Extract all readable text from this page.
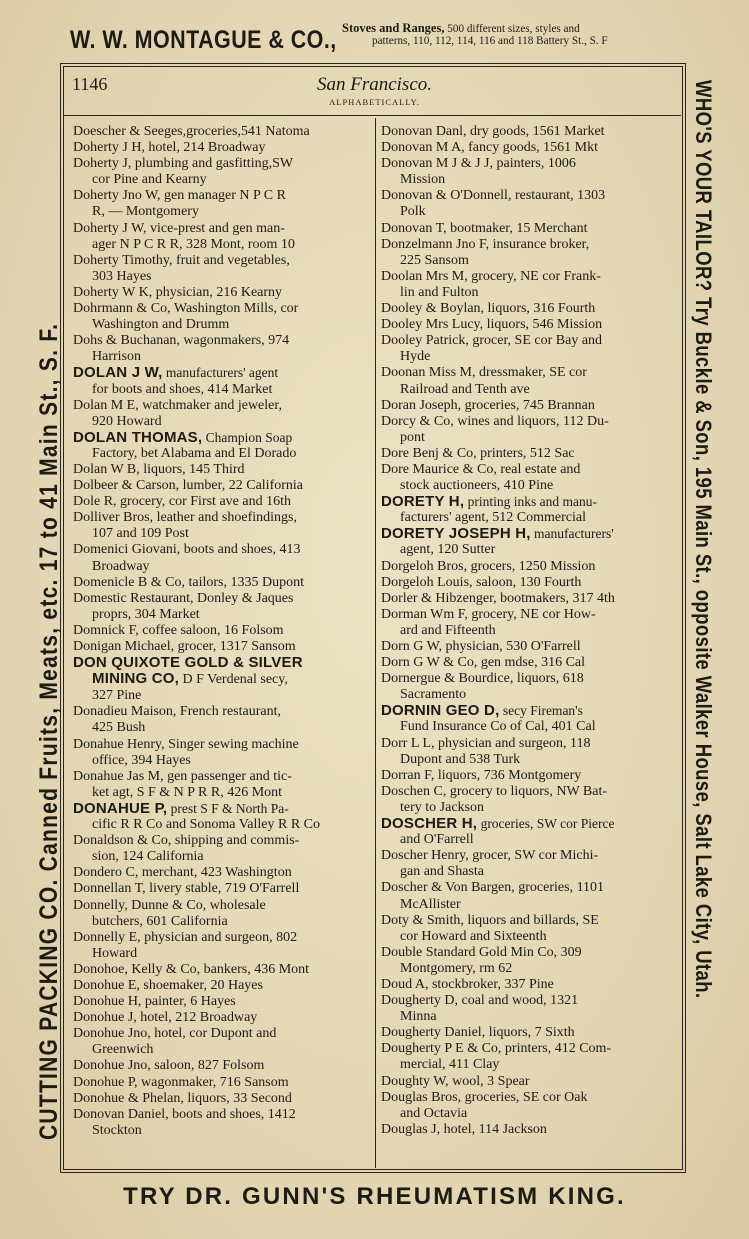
W. W. MONTAGUE & CO., Stoves and Ranges, 500 different sizes, styles and
patterns, 110, 112, 114, 116 and 118 Battery St., S. F
1146	San Francisco.
ALPHABETICALLY.
Doescher & Seeges,groceries,541 Natoma
Doherty J H, hotel, 214 Broadway
Doherty J, plumbing and gasfitting,SW
cor Pine and Kearny
Doherty Jno W, gen manager N P C R
R, — Montgomery
Doherty J W, vice-prest and gen man-
ager N P C R R, 328 Mont, room 10
Doherty Timothy, fruit and vegetables,
303 Hayes
Doherty W K, physician, 216 Kearny
Dohrmann & Co, Washington Mills, cor
Washington and Drumm
Dohs & Buchanan, wagonmakers, 974
Harrison
DOLAN J W, manufacturers' agent
for boots and shoes, 414 Market
Dolan M E, watchmaker and jeweler,
920 Howard
DOLAN THOMAS, Champion Soap
Factory, bet Alabama and El Dorado
Dolan W B, liquors, 145 Third
Dolbeer & Carson, lumber, 22 California
Dole R, grocery, cor First ave and 16th
Dolliver Bros, leather and shoefindings,
107 and 109 Post
Domenici Giovani, boots and shoes, 413
Broadway
Domenicle B & Co, tailors, 1335 Dupont
Domestic Restaurant, Donley & Jaques
proprs, 304 Market
Domnick F, coffee saloon, 16 Folsom
Donigan Michael, grocer, 1317 Sansom
DON QUIXOTE GOLD & SILVER
MINING CO, D F Verdenal secy,
327 Pine
Donadieu Maison, French restaurant,
425 Bush
Donahue Henry, Singer sewing machine
office, 394 Hayes
Donahue Jas M, gen passenger and tic-
ket agt, S F & N P R R, 426 Mont
DONAHUE P, prest S F & North Pa-
cific R R Co and Sonoma Valley R R Co
Donaldson & Co, shipping and commis-
sion, 124 California
Dondero C, merchant, 423 Washington
Donnellan T, livery stable, 719 O'Farrell
Donnelly, Dunne & Co, wholesale
butchers, 601 California
Donnelly E, physician and surgeon, 802
Howard
Donohoe, Kelly & Co, bankers, 436 Mont
Donohue E, shoemaker, 20 Hayes
Donohue H, painter, 6 Hayes
Donohue J, hotel, 212 Broadway
Donohue Jno, hotel, cor Dupont and
Greenwich
Donohue Jno, saloon, 827 Folsom
Donohue P, wagonmaker, 716 Sansom
Donohue & Phelan, liquors, 33 Second
Donovan Daniel, boots and shoes, 1412
Stockton
Donovan Danl, dry goods, 1561 Market
Donovan M A, fancy goods, 1561 Mkt
Donovan M J & J J, painters, 1006
Mission
Donovan & O'Donnell, restaurant, 1303
Polk
Donovan T, bootmaker, 15 Merchant
Donzelmann Jno F, insurance broker,
225 Sansom
Doolan Mrs M, grocery, NE cor Frank-
lin and Fulton
Dooley & Boylan, liquors, 316 Fourth
Dooley Mrs Lucy, liquors, 546 Mission
Dooley Patrick, grocer, SE cor Bay and
Hyde
Doonan Miss M, dressmaker, SE cor
Railroad and Tenth ave
Doran Joseph, groceries, 745 Brannan
Dorcy & Co, wines and liquors, 112 Du-
pont
Dore Benj & Co, printers, 512 Sac
Dore Maurice & Co, real estate and
stock auctioneers, 410 Pine
DORETY H, printing inks and manu-
facturers' agent, 512 Commercial
DORETY JOSEPH H, manufacturers'
agent, 120 Sutter
Dorgeloh Bros, grocers, 1250 Mission
Dorgeloh Louis, saloon, 130 Fourth
Dorler & Hibzenger, bootmakers, 317 4th
Dorman Wm F, grocery, NE cor How-
ard and Fifteenth
Dorn G W, physician, 530 O'Farrell
Dorn G W & Co, gen mdse, 316 Cal
Dornergue & Bourdice, liquors, 618
Sacramento
DORNIN GEO D, secy Fireman's
Fund Insurance Co of Cal, 401 Cal
Dorr L L, physician and surgeon, 118
Dupont and 538 Turk
Dorran F, liquors, 736 Montgomery
Doschen C, grocery to liquors, NW Bat-
tery to Jackson
DOSCHER H, groceries, SW cor Pierce
and O'Farrell
Doscher Henry, grocer, SW cor Michi-
gan and Shasta
Doscher & Von Bargen, groceries, 1101
McAllister
Doty & Smith, liquors and billards, SE
cor Howard and Sixteenth
Double Standard Gold Min Co, 309
Montgomery, rm 62
Doud A, stockbroker, 337 Pine
Dougherty D, coal and wood, 1321
Minna
Dougherty Daniel, liquors, 7 Sixth
Dougherty P E & Co, printers, 412 Com-
mercial, 411 Clay
Doughty W, wool, 3 Spear
Douglas Bros, groceries, SE cor Oak
and Octavia
Douglas J, hotel, 114 Jackson
CUTTING PACKING CO. Canned Fruits, Meats, etc. 17 to 41 Main St., S. F.	WHO'S YOUR TAILOR? Try Buckle & Son, 195 Main St., opposite Walker House, Salt Lake City, Utah.
TRY DR. GUNN'S RHEUMATISM KING.
